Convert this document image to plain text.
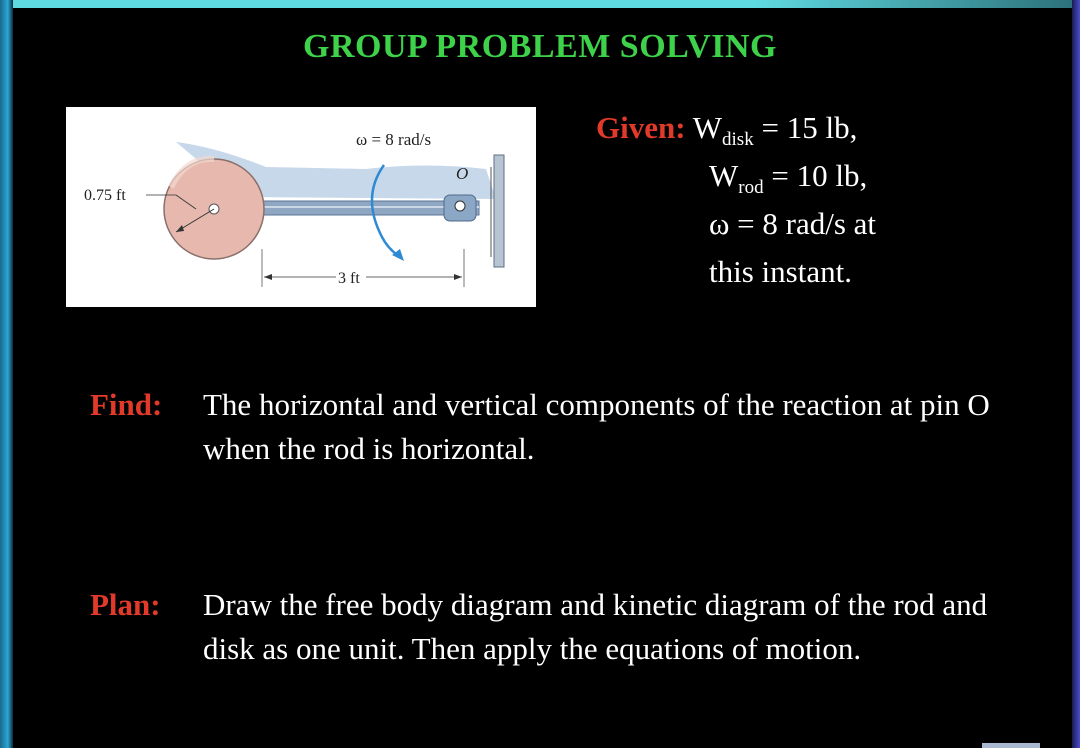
GROUP PROBLEM SOLVING
0.75 ft
O
ω = 8 rad/s
3 ft
Given: $W_{disk} = 15$ lb,
$W_{rod} = 10$ lb,
ω = 8 rad/s at
this instant.
Find: The horizontal and vertical components of the reaction at pin O when the rod is horizontal.
Plan: Draw the free body diagram and kinetic diagram of the rod and disk as one unit. Then apply the equations of motion.
